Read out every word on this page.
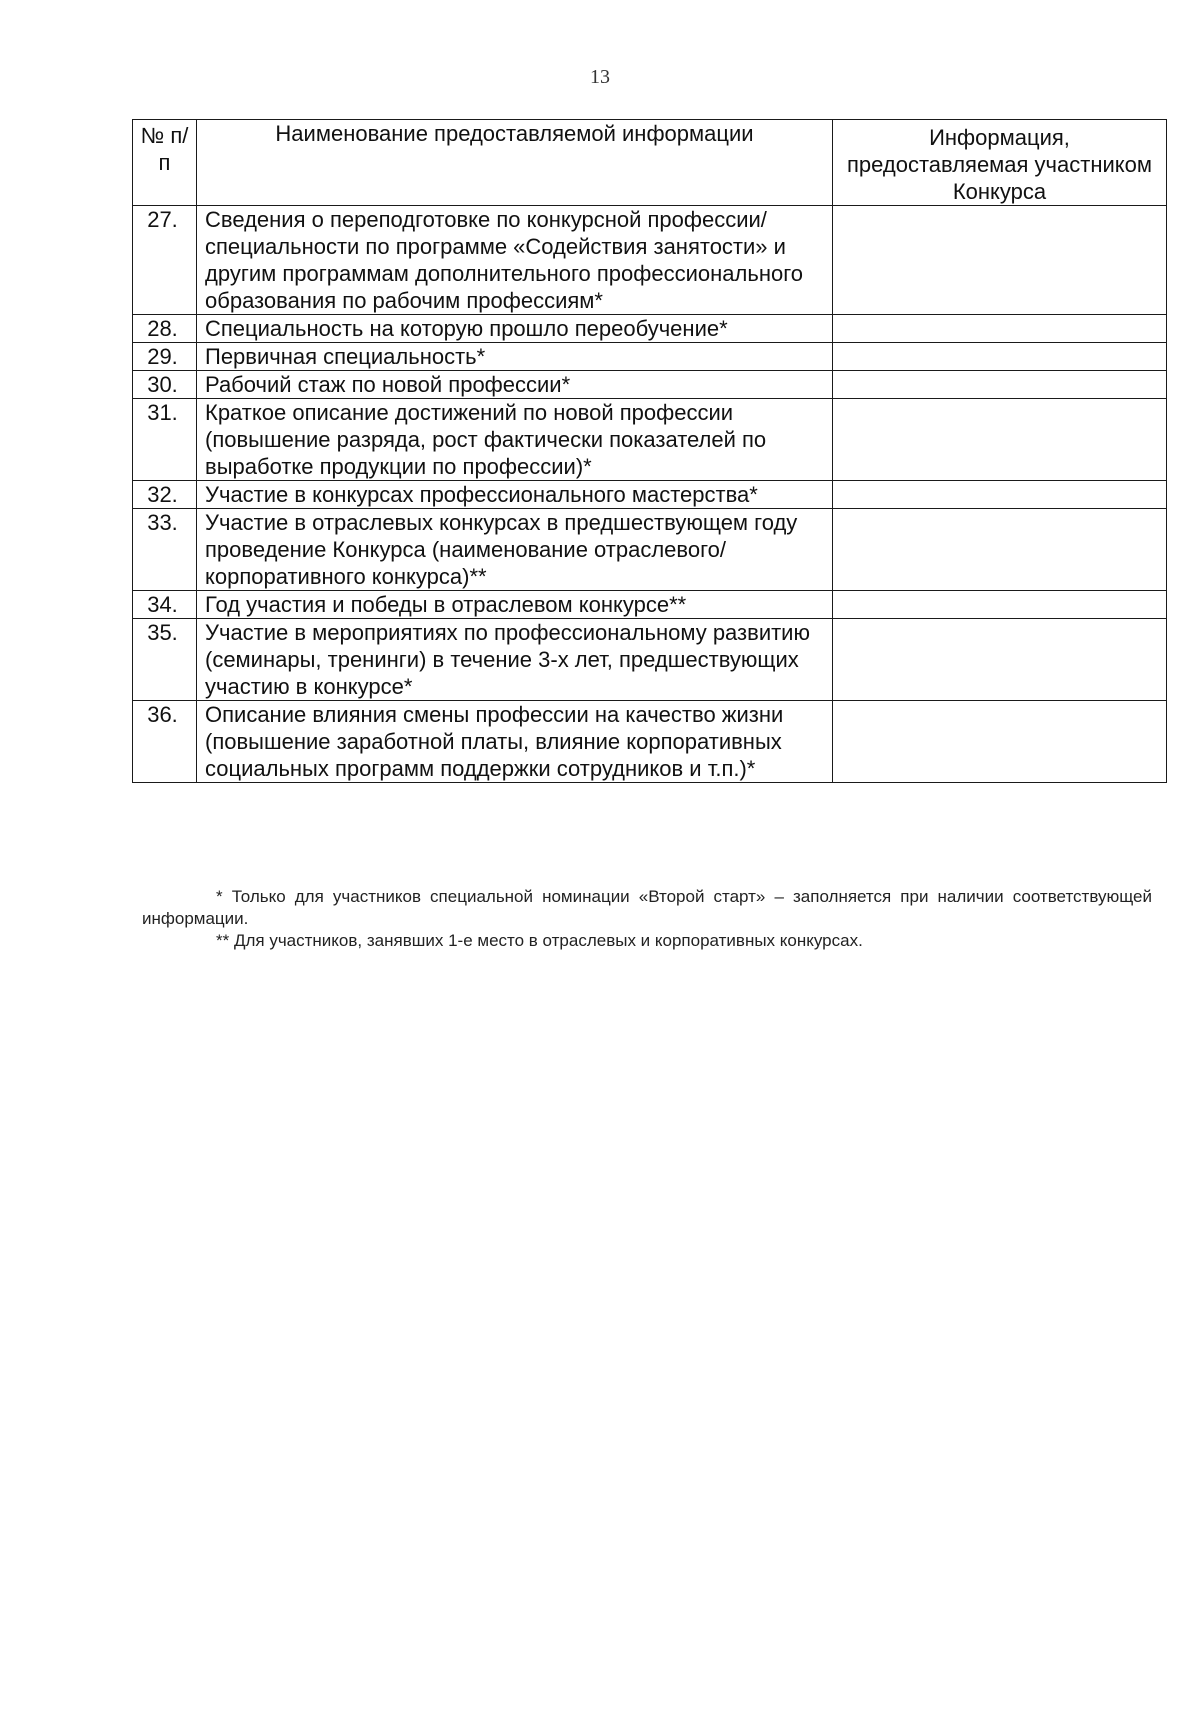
13
№ п/п	Наименование предоставляемой информации	Информация, предоставляемая участником Конкурса
27.	Сведения о переподготовке по конкурсной профессии/специальности по программе «Содействия занятости» и другим программам дополнительного профессионального образования по рабочим профессиям*	
28.	Специальность на которую прошло переобучение*	
29.	Первичная специальность*	
30.	Рабочий стаж по новой профессии*	
31.	Краткое описание достижений по новой профессии (повышение разряда, рост фактически показателей по выработке продукции по профессии)*	
32.	Участие в конкурсах профессионального мастерства*	
33.	Участие в отраслевых конкурсах в предшествующем году проведение Конкурса (наименование отраслевого/корпоративного конкурса)**	
34.	Год участия и победы в отраслевом конкурсе**	
35.	Участие в мероприятиях по профессиональному развитию (семинары, тренинги) в течение 3-х лет, предшествующих участию в конкурсе*	
36.	Описание влияния смены профессии на качество жизни (повышение заработной платы, влияние корпоративных социальных программ поддержки сотрудников и т.п.)*	

* Только для участников специальной номинации «Второй старт» – заполняется при наличии соответствующей информации.

** Для участников, занявших 1-е место в отраслевых и корпоративных конкурсах.
